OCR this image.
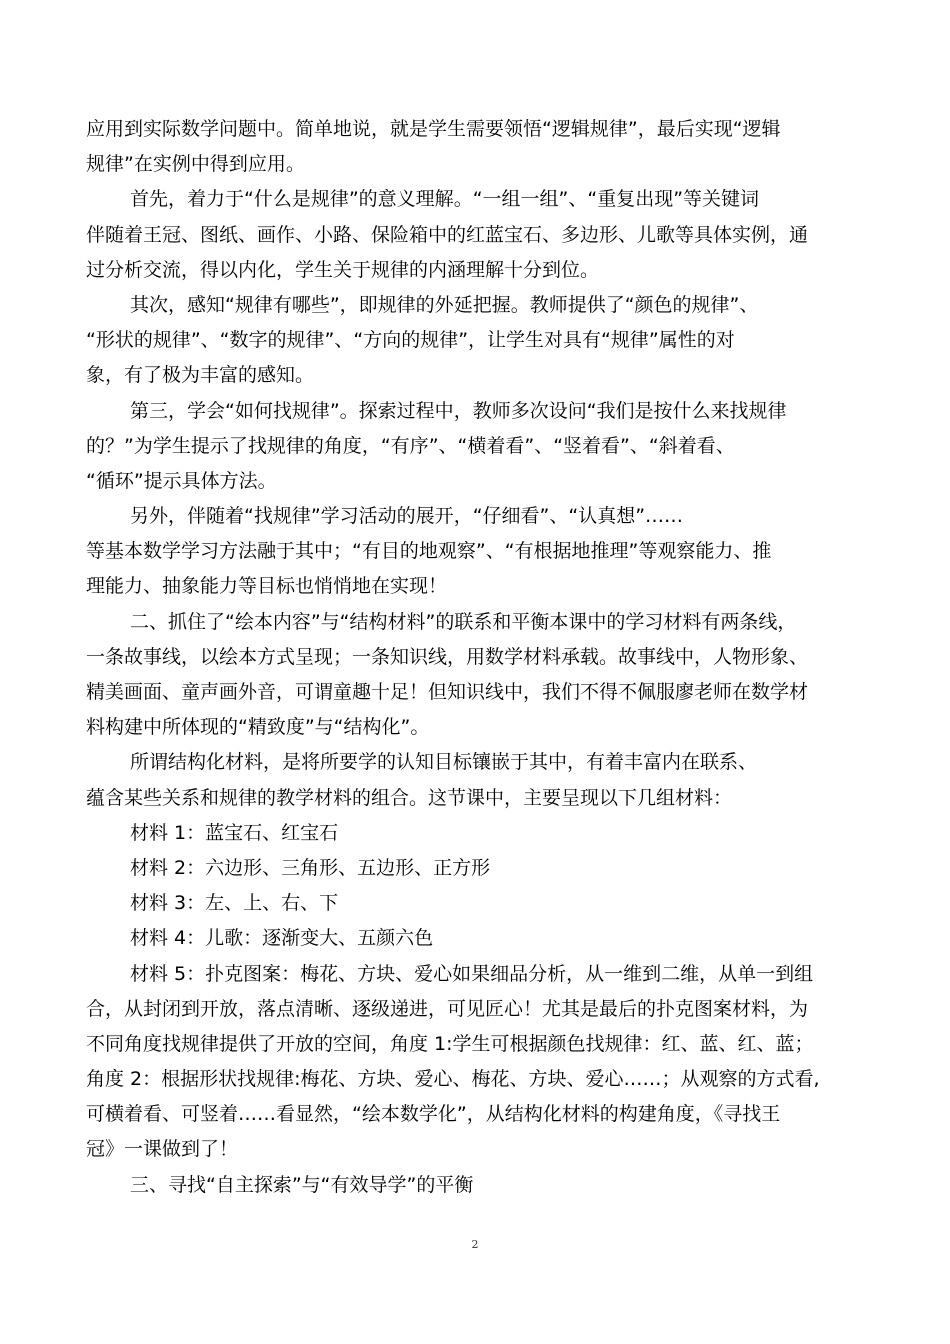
应用到实际数学问题中。简单地说，就是学生需要领悟“逻辑规律”，最后实现“逻辑
规律”在实例中得到应用。
首先，着力于“什么是规律”的意义理解。“一组一组”、“重复出现”等关键词
伴随着王冠、图纸、画作、小路、保险箱中的红蓝宝石、多边形、儿歌等具体实例，通
过分析交流，得以内化，学生关于规律的内涵理解十分到位。
其次，感知“规律有哪些”，即规律的外延把握。教师提供了“颜色的规律”、
“形状的规律”、“数字的规律”、“方向的规律”，让学生对具有“规律”属性的对
象，有了极为丰富的感知。
第三，学会“如何找规律”。探索过程中，教师多次设问“我们是按什么来找规律
的？”为学生提示了找规律的角度，“有序”、“横着看”、“竖着看”、“斜着看、
“循环”提示具体方法。
另外，伴随着“找规律”学习活动的展开，“仔细看”、“认真想”……
等基本数学学习方法融于其中；“有目的地观察”、“有根据地推理”等观察能力、推
理能力、抽象能力等目标也悄悄地在实现！
二、抓住了“绘本内容”与“结构材料”的联系和平衡本课中的学习材料有两条线，
一条故事线，以绘本方式呈现；一条知识线，用数学材料承载。故事线中，人物形象、
精美画面、童声画外音，可谓童趣十足！但知识线中，我们不得不佩服廖老师在数学材
料构建中所体现的“精致度”与“结构化”。
所谓结构化材料，是将所要学的认知目标镶嵌于其中，有着丰富内在联系、
蕴含某些关系和规律的教学材料的组合。这节课中，主要呈现以下几组材料：
材料 1：蓝宝石、红宝石
材料 2：六边形、三角形、五边形、正方形
材料 3：左、上、右、下
材料 4：儿歌：逐渐变大、五颜六色
材料 5：扑克图案：梅花、方块、爱心如果细品分析，从一维到二维，从单一到组
合，从封闭到开放，落点清晰、逐级递进，可见匠心！尤其是最后的扑克图案材料，为
不同角度找规律提供了开放的空间，角度 1:学生可根据颜色找规律：红、蓝、红、蓝；
角度 2：根据形状找规律:梅花、方块、爱心、梅花、方块、爱心……；从观察的方式看,
可横着看、可竖着……看显然，“绘本数学化”，从结构化材料的构建角度，《寻找王
冠》一课做到了！
三、寻找“自主探索”与“有效导学”的平衡
2
